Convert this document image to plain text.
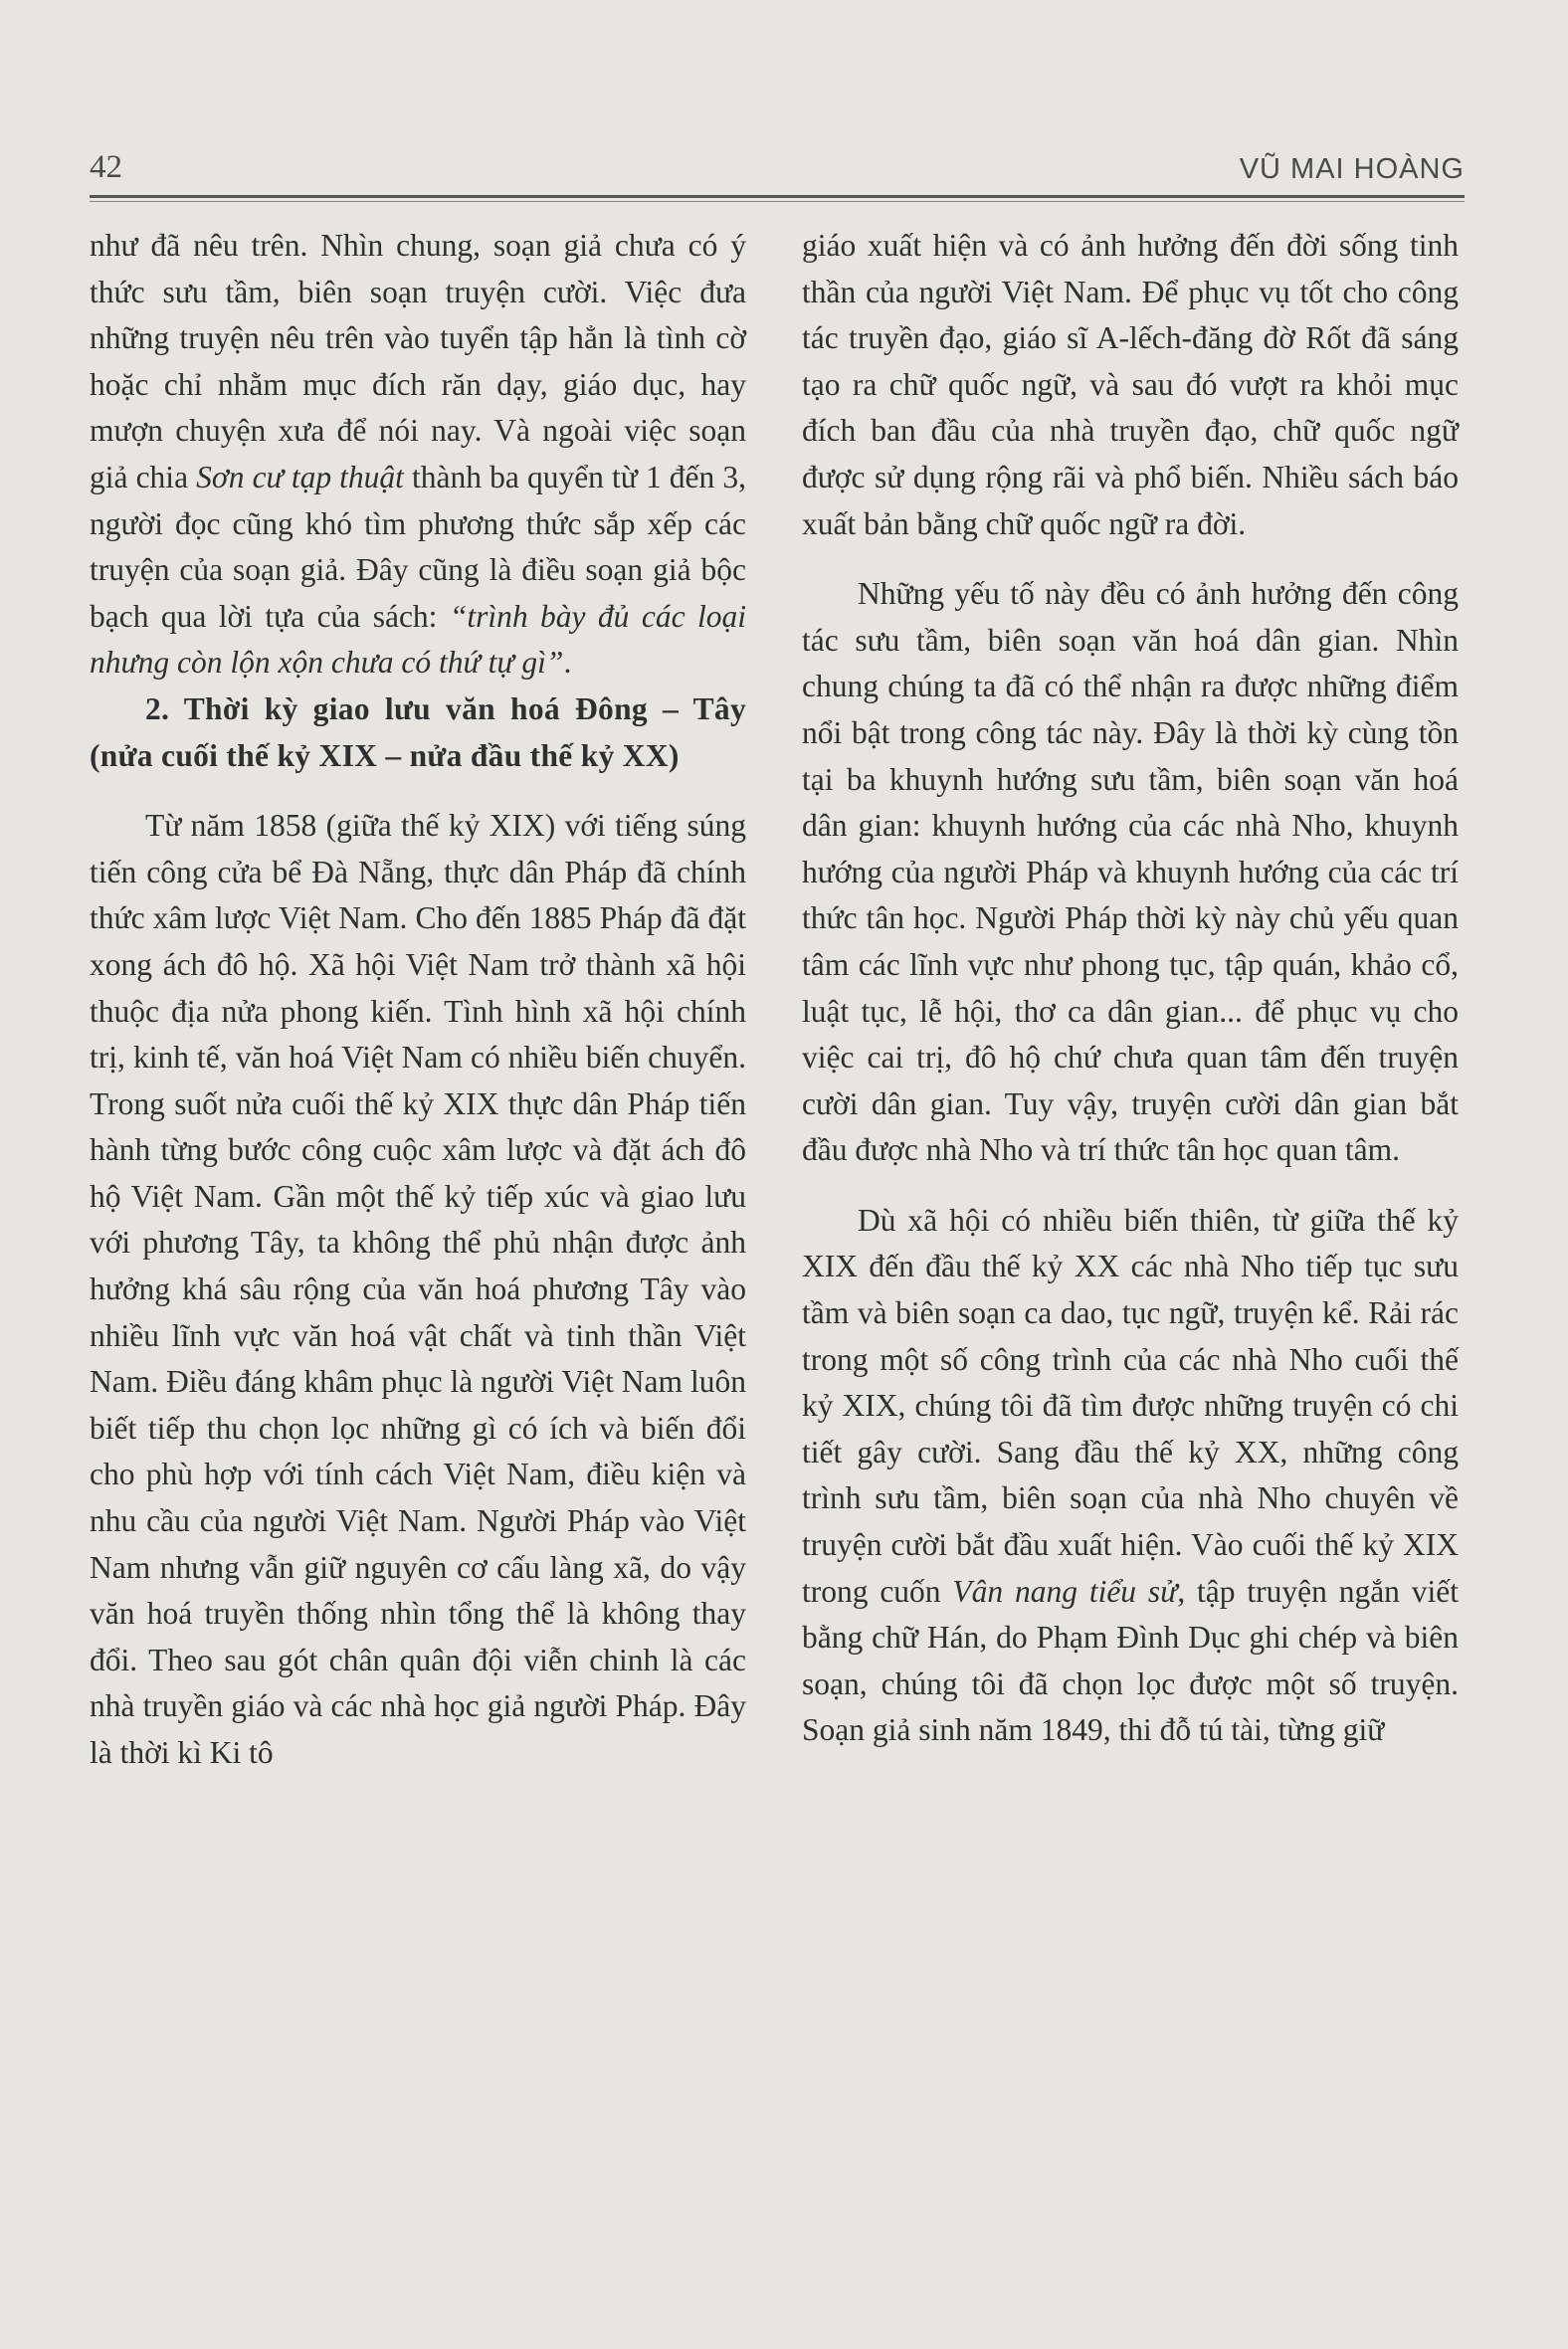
42	VŨ MAI HOÀNG

như đã nêu trên. Nhìn chung, soạn giả chưa có ý thức sưu tầm, biên soạn truyện cười. Việc đưa những truyện nêu trên vào tuyển tập hẳn là tình cờ hoặc chỉ nhằm mục đích răn dạy, giáo dục, hay mượn chuyện xưa để nói nay. Và ngoài việc soạn giả chia Sơn cư tạp thuật thành ba quyển từ 1 đến 3, người đọc cũng khó tìm phương thức sắp xếp các truyện của soạn giả. Đây cũng là điều soạn giả bộc bạch qua lời tựa của sách: “trình bày đủ các loại nhưng còn lộn xộn chưa có thứ tự gì”.

2. Thời kỳ giao lưu văn hoá Đông – Tây (nửa cuối thế kỷ XIX – nửa đầu thế kỷ XX)

Từ năm 1858 (giữa thế kỷ XIX) với tiếng súng tiến công cửa bể Đà Nẵng, thực dân Pháp đã chính thức xâm lược Việt Nam. Cho đến 1885 Pháp đã đặt xong ách đô hộ. Xã hội Việt Nam trở thành xã hội thuộc địa nửa phong kiến. Tình hình xã hội chính trị, kinh tế, văn hoá Việt Nam có nhiều biến chuyển. Trong suốt nửa cuối thế kỷ XIX thực dân Pháp tiến hành từng bước công cuộc xâm lược và đặt ách đô hộ Việt Nam. Gần một thế kỷ tiếp xúc và giao lưu với phương Tây, ta không thể phủ nhận được ảnh hưởng khá sâu rộng của văn hoá phương Tây vào nhiều lĩnh vực văn hoá vật chất và tinh thần Việt Nam. Điều đáng khâm phục là người Việt Nam luôn biết tiếp thu chọn lọc những gì có ích và biến đổi cho phù hợp với tính cách Việt Nam, điều kiện và nhu cầu của người Việt Nam. Người Pháp vào Việt Nam nhưng vẫn giữ nguyên cơ cấu làng xã, do vậy văn hoá truyền thống nhìn tổng thể là không thay đổi. Theo sau gót chân quân đội viễn chinh là các nhà truyền giáo và các nhà học giả người Pháp. Đây là thời kì Ki tô

giáo xuất hiện và có ảnh hưởng đến đời sống tinh thần của người Việt Nam. Để phục vụ tốt cho công tác truyền đạo, giáo sĩ A-lếch-đăng đờ Rốt đã sáng tạo ra chữ quốc ngữ, và sau đó vượt ra khỏi mục đích ban đầu của nhà truyền đạo, chữ quốc ngữ được sử dụng rộng rãi và phổ biến. Nhiều sách báo xuất bản bằng chữ quốc ngữ ra đời.

Những yếu tố này đều có ảnh hưởng đến công tác sưu tầm, biên soạn văn hoá dân gian. Nhìn chung chúng ta đã có thể nhận ra được những điểm nổi bật trong công tác này. Đây là thời kỳ cùng tồn tại ba khuynh hướng sưu tầm, biên soạn văn hoá dân gian: khuynh hướng của các nhà Nho, khuynh hướng của người Pháp và khuynh hướng của các trí thức tân học. Người Pháp thời kỳ này chủ yếu quan tâm các lĩnh vực như phong tục, tập quán, khảo cổ, luật tục, lễ hội, thơ ca dân gian... để phục vụ cho việc cai trị, đô hộ chứ chưa quan tâm đến truyện cười dân gian. Tuy vậy, truyện cười dân gian bắt đầu được nhà Nho và trí thức tân học quan tâm.

Dù xã hội có nhiều biến thiên, từ giữa thế kỷ XIX đến đầu thế kỷ XX các nhà Nho tiếp tục sưu tầm và biên soạn ca dao, tục ngữ, truyện kể. Rải rác trong một số công trình của các nhà Nho cuối thế kỷ XIX, chúng tôi đã tìm được những truyện có chi tiết gây cười. Sang đầu thế kỷ XX, những công trình sưu tầm, biên soạn của nhà Nho chuyên về truyện cười bắt đầu xuất hiện. Vào cuối thế kỷ XIX trong cuốn Vân nang tiểu sử, tập truyện ngắn viết bằng chữ Hán, do Phạm Đình Dục ghi chép và biên soạn, chúng tôi đã chọn lọc được một số truyện. Soạn giả sinh năm 1849, thi đỗ tú tài, từng giữ
